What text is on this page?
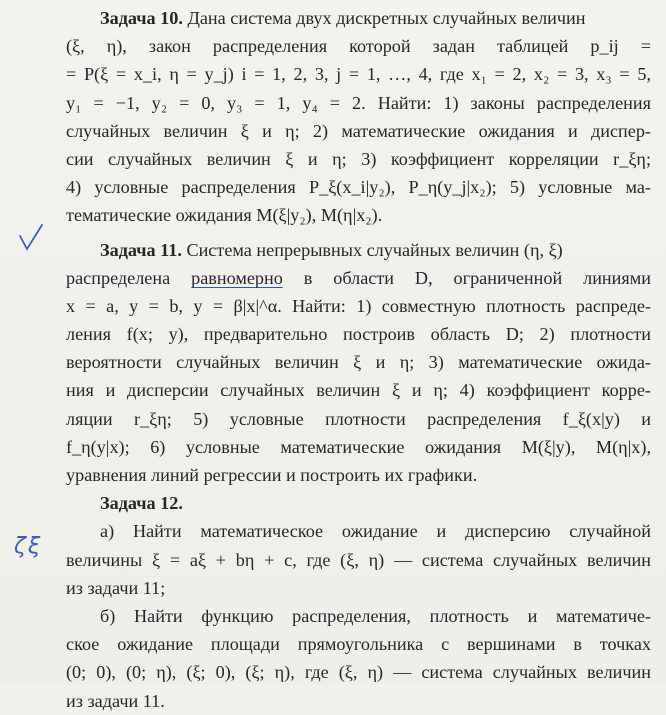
ζξ
Задача 10. Дана система двух дискретных случайных величин
(ξ, η), закон распределения которой задан таблицей p_ij =
= P(ξ = x_i, η = y_j) i = 1, 2, 3, j = 1, …, 4, где x₁ = 2, x₂ = 3, x₃ = 5,
y₁ = −1, y₂ = 0, y₃ = 1, y₄ = 2. Найти: 1) законы распределения
случайных величин ξ и η; 2) математические ожидания и диспер-
сии случайных величин ξ и η; 3) коэффициент корреляции r_ξη;
4) условные распределения P_ξ(x_i|y₂), P_η(y_j|x₂); 5) условные ма-
тематические ожидания M(ξ|y₂), M(η|x₂).
Задача 11. Система непрерывных случайных величин (η, ξ)
распределена равномерно в области D, ограниченной линиями
x = a, y = b, y = β|x|^α. Найти: 1) совместную плотность распреде-
ления f(x; y), предварительно построив область D; 2) плотности
вероятности случайных величин ξ и η; 3) математические ожида-
ния и дисперсии случайных величин ξ и η; 4) коэффициент корре-
ляции r_ξη; 5) условные плотности распределения f_ξ(x|y) и
f_η(y|x); 6) условные математические ожидания M(ξ|y), M(η|x),
уравнения линий регрессии и построить их графики.
Задача 12.
а) Найти математическое ожидание и дисперсию случайной
величины ξ = aξ + bη + c, где (ξ, η) — система случайных величин
из задачи 11;
б) Найти функцию распределения, плотность и математиче-
ское ожидание площади прямоугольника с вершинами в точках
(0; 0), (0; η), (ξ; 0), (ξ; η), где (ξ, η) — система случайных величин
из задачи 11.
